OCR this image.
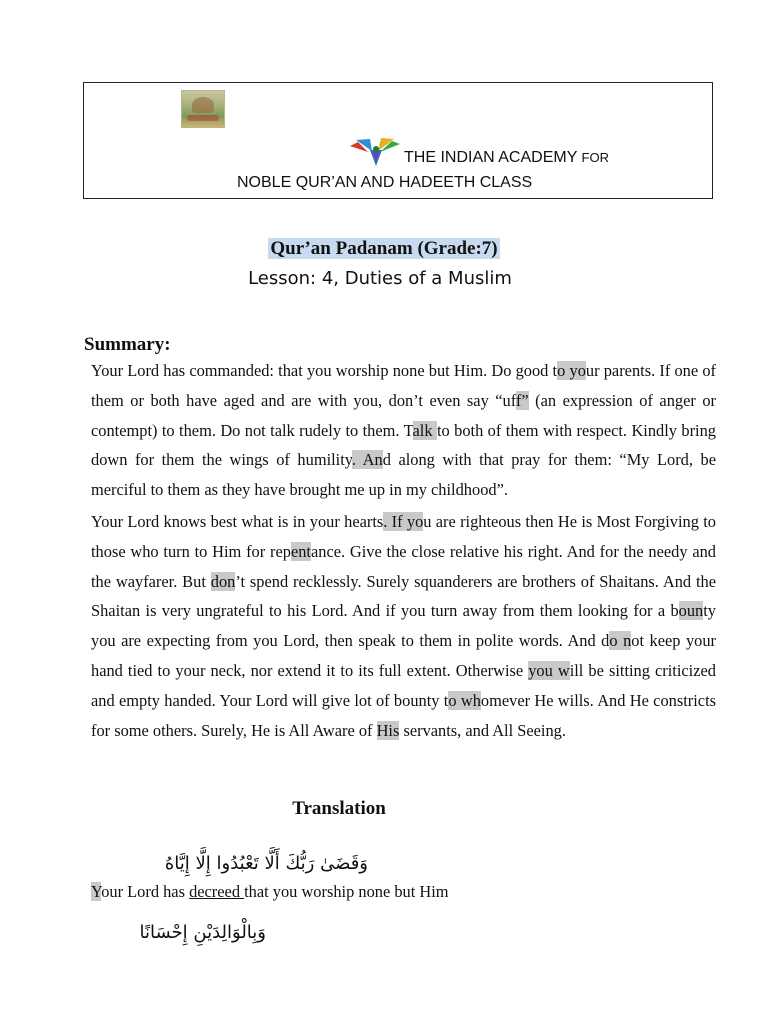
THE INDIAN ACADEMY FOR
NOBLE QUR’AN AND HADEETH CLASS
Qur’an Padanam (Grade:7)
Lesson: 4, Duties of a Muslim
Summary:
Your Lord has commanded: that you worship none but Him. Do good to your parents. If one of them or both have aged and are with you, don’t even say “uff” (an expression of anger or contempt) to them. Do not talk rudely to them. Talk to both of them with respect. Kindly bring down for them the wings of humility. And along with that pray for them: “My Lord, be merciful to them as they have brought me up in my childhood”.
Your Lord knows best what is in your hearts. If you are righteous then He is Most Forgiving to those who turn to Him for repentance. Give the close relative his right. And for the needy and the wayfarer. But don’t spend recklessly. Surely squanderers are brothers of Shaitans. And the Shaitan is very ungrateful to his Lord. And if you turn away from them looking for a bounty you are expecting from you Lord, then speak to them in polite words. And do not keep your hand tied to your neck, nor extend it to its full extent. Otherwise you will be sitting criticized and empty handed. Your Lord will give lot of bounty to whomever He wills. And He constricts for some others. Surely, He is All Aware of His servants, and All Seeing.
Translation
وَقَضَىٰ رَبُّكَ أَلَّا تَعْبُدُوا إِلَّا إِيَّاهُ
Your Lord has decreed that you worship none but Him
وَبِالْوَالِدَيْنِ إِحْسَانًا
